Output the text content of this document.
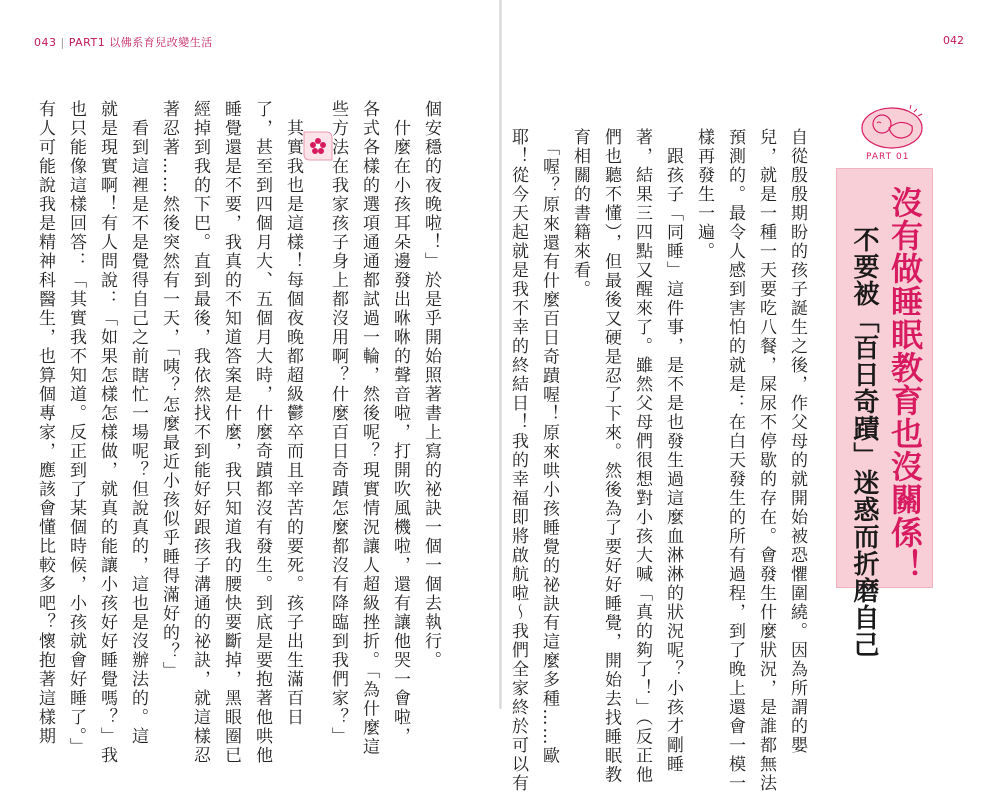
043 | PART1 以佛系育兒改變生活	042
PART 01
沒有做睡眠教育也沒關係！
不要被「百日奇蹟」迷惑而折磨自己
自從殷殷期盼的孩子誕生之後，作父母的就開始被恐懼圍繞。因為所謂的嬰
兒，就是一種一天要吃八餐，屎尿不停歇的存在。會發生什麼狀況，是誰都無法
預測的。最令人感到害怕的就是：在白天發生的所有過程，到了晚上還會一模一
樣再發生一遍。
　跟孩子「同睡」這件事，是不是也發生過這麼血淋淋的狀況呢？小孩才剛睡
著，結果三四點又醒來了。雖然父母們很想對小孩大喊「真的夠了！」（反正他
們也聽不懂），但最後又硬是忍了下來。然後為了要好好睡覺，開始去找睡眠教
育相關的書籍來看。
　「喔？原來還有什麼百日奇蹟喔！原來哄小孩睡覺的祕訣有這麼多種……歐
耶！從今天起就是我不幸的終結日！我的幸福即將啟航啦～我們全家終於可以有
個安穩的夜晚啦！」於是乎開始照著書上寫的祕訣一個一個去執行。
　什麼在小孩耳朵邊發出咻咻的聲音啦，打開吹風機啦，還有讓他哭一會啦，
各式各樣的選項通通都試過一輪，然後呢？現實情況讓人超級挫折。「為什麼這
些方法在我家孩子身上都沒用啊？什麼百日奇蹟怎麼都沒有降臨到我們家？」
　其實我也是這樣！每個夜晚都超級鬱卒而且辛苦的要死。孩子出生滿百日
了，甚至到四個月大、五個月大時，什麼奇蹟都沒有發生。到底是要抱著他哄他
睡覺還是不要，我真的不知道答案是什麼，我只知道我的腰快要斷掉，黑眼圈已
經掉到我的下巴。直到最後，我依然找不到能好好跟孩子溝通的祕訣，就這樣忍
著忍著……然後突然有一天，「咦？怎麼最近小孩似乎睡得滿好的？」
　看到這裡是不是覺得自己之前瞎忙一場呢？但說真的，這也是沒辦法的。這
就是現實啊！有人問說：「如果怎樣怎樣做，就真的能讓小孩好好睡覺嗎？」我
也只能像這樣回答：「其實我不知道。反正到了某個時候，小孩就會好睡了。」
有人可能說我是精神科醫生，也算個專家，應該會懂比較多吧？懷抱著這樣期
